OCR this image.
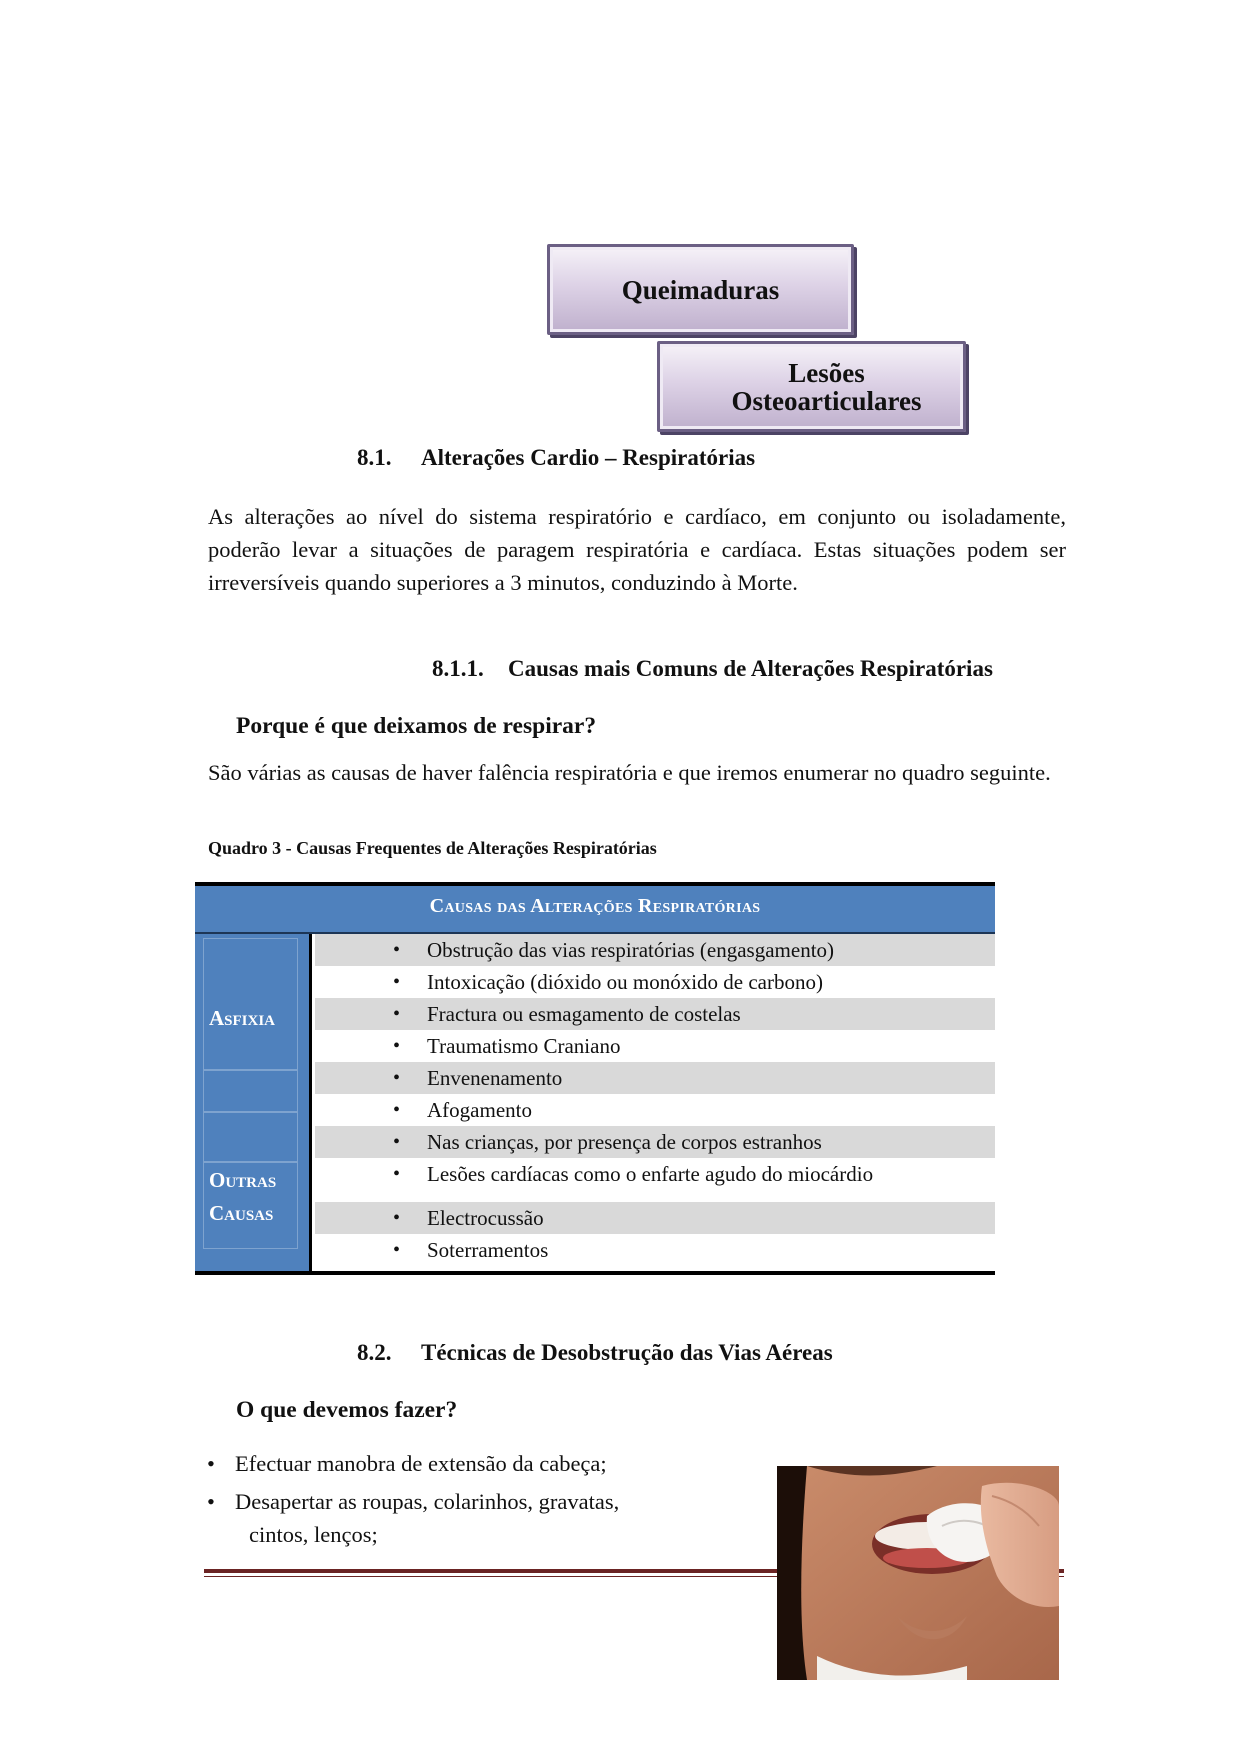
Queimaduras
Lesões
Osteoarticulares
8.1. Alterações Cardio – Respiratórias
As alterações ao nível do sistema respiratório e cardíaco, em conjunto ou isoladamente, poderão levar a situações de paragem respiratória e cardíaca. Estas situações podem ser irreversíveis quando superiores a 3 minutos, conduzindo à Morte.
8.1.1. Causas mais Comuns de Alterações Respiratórias
Porque é que deixamos de respirar?
São várias as causas de haver falência respiratória e que iremos enumerar no quadro seguinte.
Quadro 3 - Causas Frequentes de Alterações Respiratórias
Causas das Alterações Respiratórias
Asfixia
Outras
Causas
• Obstrução das vias respiratórias (engasgamento)
• Intoxicação (dióxido ou monóxido de carbono)
• Fractura ou esmagamento de costelas
• Traumatismo Craniano
• Envenenamento
• Afogamento
• Nas crianças, por presença de corpos estranhos
• Lesões cardíacas como o enfarte agudo do miocárdio
• Electrocussão
• Soterramentos
8.2. Técnicas de Desobstrução das Vias Aéreas
O que devemos fazer?
• Efectuar manobra de extensão da cabeça;
• Desapertar as roupas, colarinhos, gravatas,
cintos, lenços;
